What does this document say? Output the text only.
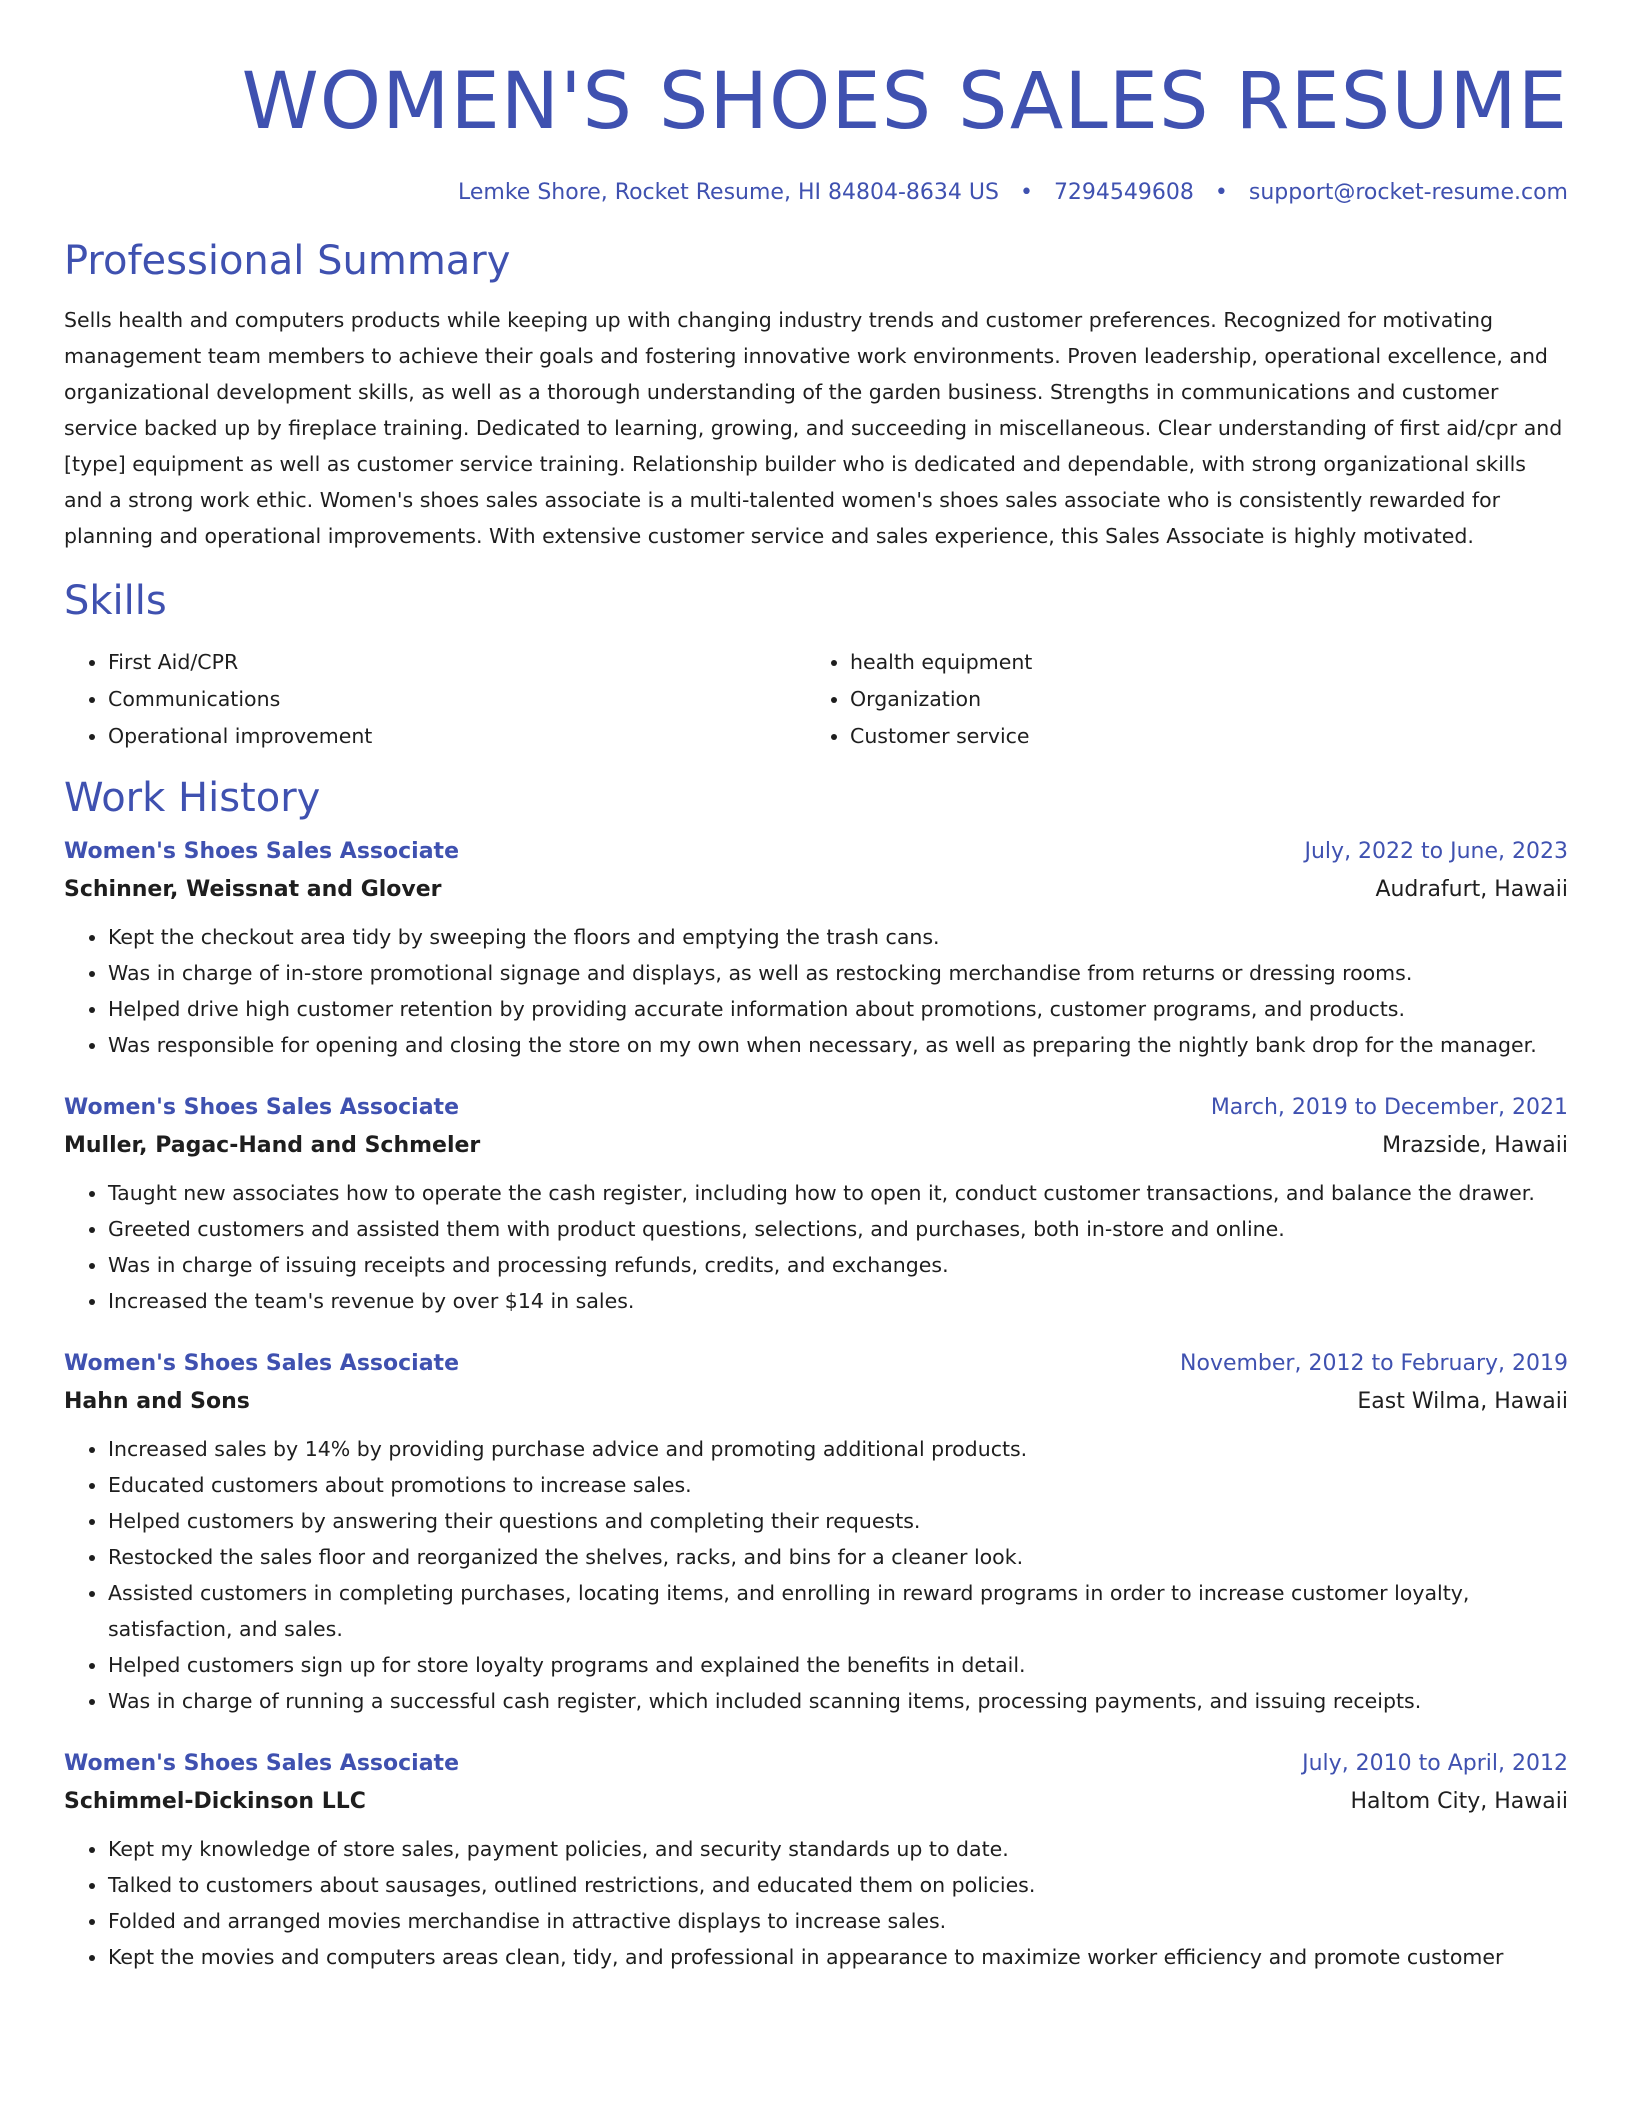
WOMEN'S SHOES SALES RESUME
Lemke Shore, Rocket Resume, HI 84804-8634 US • 7294549608 • support@rocket-resume.com
Professional Summary

Sells health and computers products while keeping up with changing industry trends and customer preferences. Recognized for motivating management team members to achieve their goals and fostering innovative work environments. Proven leadership, operational excellence, and organizational development skills, as well as a thorough understanding of the garden business. Strengths in communications and customer service backed up by fireplace training. Dedicated to learning, growing, and succeeding in miscellaneous. Clear understanding of first aid/cpr and [type] equipment as well as customer service training. Relationship builder who is dedicated and dependable, with strong organizational skills and a strong work ethic. Women's shoes sales associate is a multi-talented women's shoes sales associate who is consistently rewarded for planning and operational improvements. With extensive customer service and sales experience, this Sales Associate is highly motivated.

Skills
• First Aid/CPR
• Communications
• Operational improvement
• health equipment
• Organization
• Customer service
Work History
Women's Shoes Sales Associate	July, 2022 to June, 2023
Schinner, Weissnat and Glover	Audrafurt, Hawaii
• Kept the checkout area tidy by sweeping the floors and emptying the trash cans.
• Was in charge of in-store promotional signage and displays, as well as restocking merchandise from returns or dressing rooms.
• Helped drive high customer retention by providing accurate information about promotions, customer programs, and products.
• Was responsible for opening and closing the store on my own when necessary, as well as preparing the nightly bank drop for the manager.
Women's Shoes Sales Associate	March, 2019 to December, 2021
Muller, Pagac-Hand and Schmeler	Mrazside, Hawaii
• Taught new associates how to operate the cash register, including how to open it, conduct customer transactions, and balance the drawer.
• Greeted customers and assisted them with product questions, selections, and purchases, both in-store and online.
• Was in charge of issuing receipts and processing refunds, credits, and exchanges.
• Increased the team's revenue by over $14 in sales.
Women's Shoes Sales Associate	November, 2012 to February, 2019
Hahn and Sons	East Wilma, Hawaii
• Increased sales by 14% by providing purchase advice and promoting additional products.
• Educated customers about promotions to increase sales.
• Helped customers by answering their questions and completing their requests.
• Restocked the sales floor and reorganized the shelves, racks, and bins for a cleaner look.
• Assisted customers in completing purchases, locating items, and enrolling in reward programs in order to increase customer loyalty, satisfaction, and sales.
• Helped customers sign up for store loyalty programs and explained the benefits in detail.
• Was in charge of running a successful cash register, which included scanning items, processing payments, and issuing receipts.
Women's Shoes Sales Associate	July, 2010 to April, 2012
Schimmel-Dickinson LLC	Haltom City, Hawaii
• Kept my knowledge of store sales, payment policies, and security standards up to date.
• Talked to customers about sausages, outlined restrictions, and educated them on policies.
• Folded and arranged movies merchandise in attractive displays to increase sales.
• Kept the movies and computers areas clean, tidy, and professional in appearance to maximize worker efficiency and promote customer
